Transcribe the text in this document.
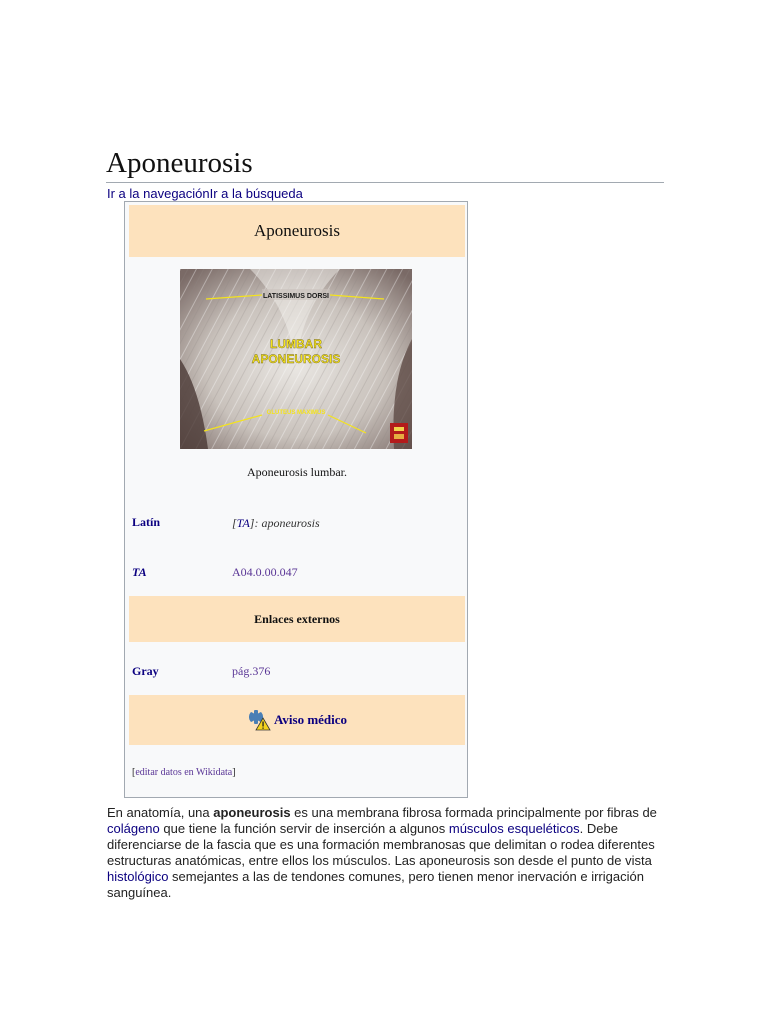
Aponeurosis
Ir a la navegaciónIr a la búsqueda
Aponeurosis
LATISSIMUS DORSI
LUMBAR
APONEUROSIS
GLUTEUS MAXIMUS
Aponeurosis lumbar.
Latín	[TA]: aponeurosis
TA	A04.0.00.047
Enlaces externos
Gray	pág.376
Aviso médico
[editar datos en Wikidata]

En anatomía, una aponeurosis es una membrana fibrosa formada principalmente por fibras de colágeno que tiene la función servir de inserción a algunos músculos esqueléticos. Debe diferenciarse de la fascia que es una formación membranosas que delimitan o rodea diferentes estructuras anatómicas, entre ellos los músculos. Las aponeurosis son desde el punto de vista histológico semejantes a las de tendones comunes, pero tienen menor inervación e irrigación sanguínea.
